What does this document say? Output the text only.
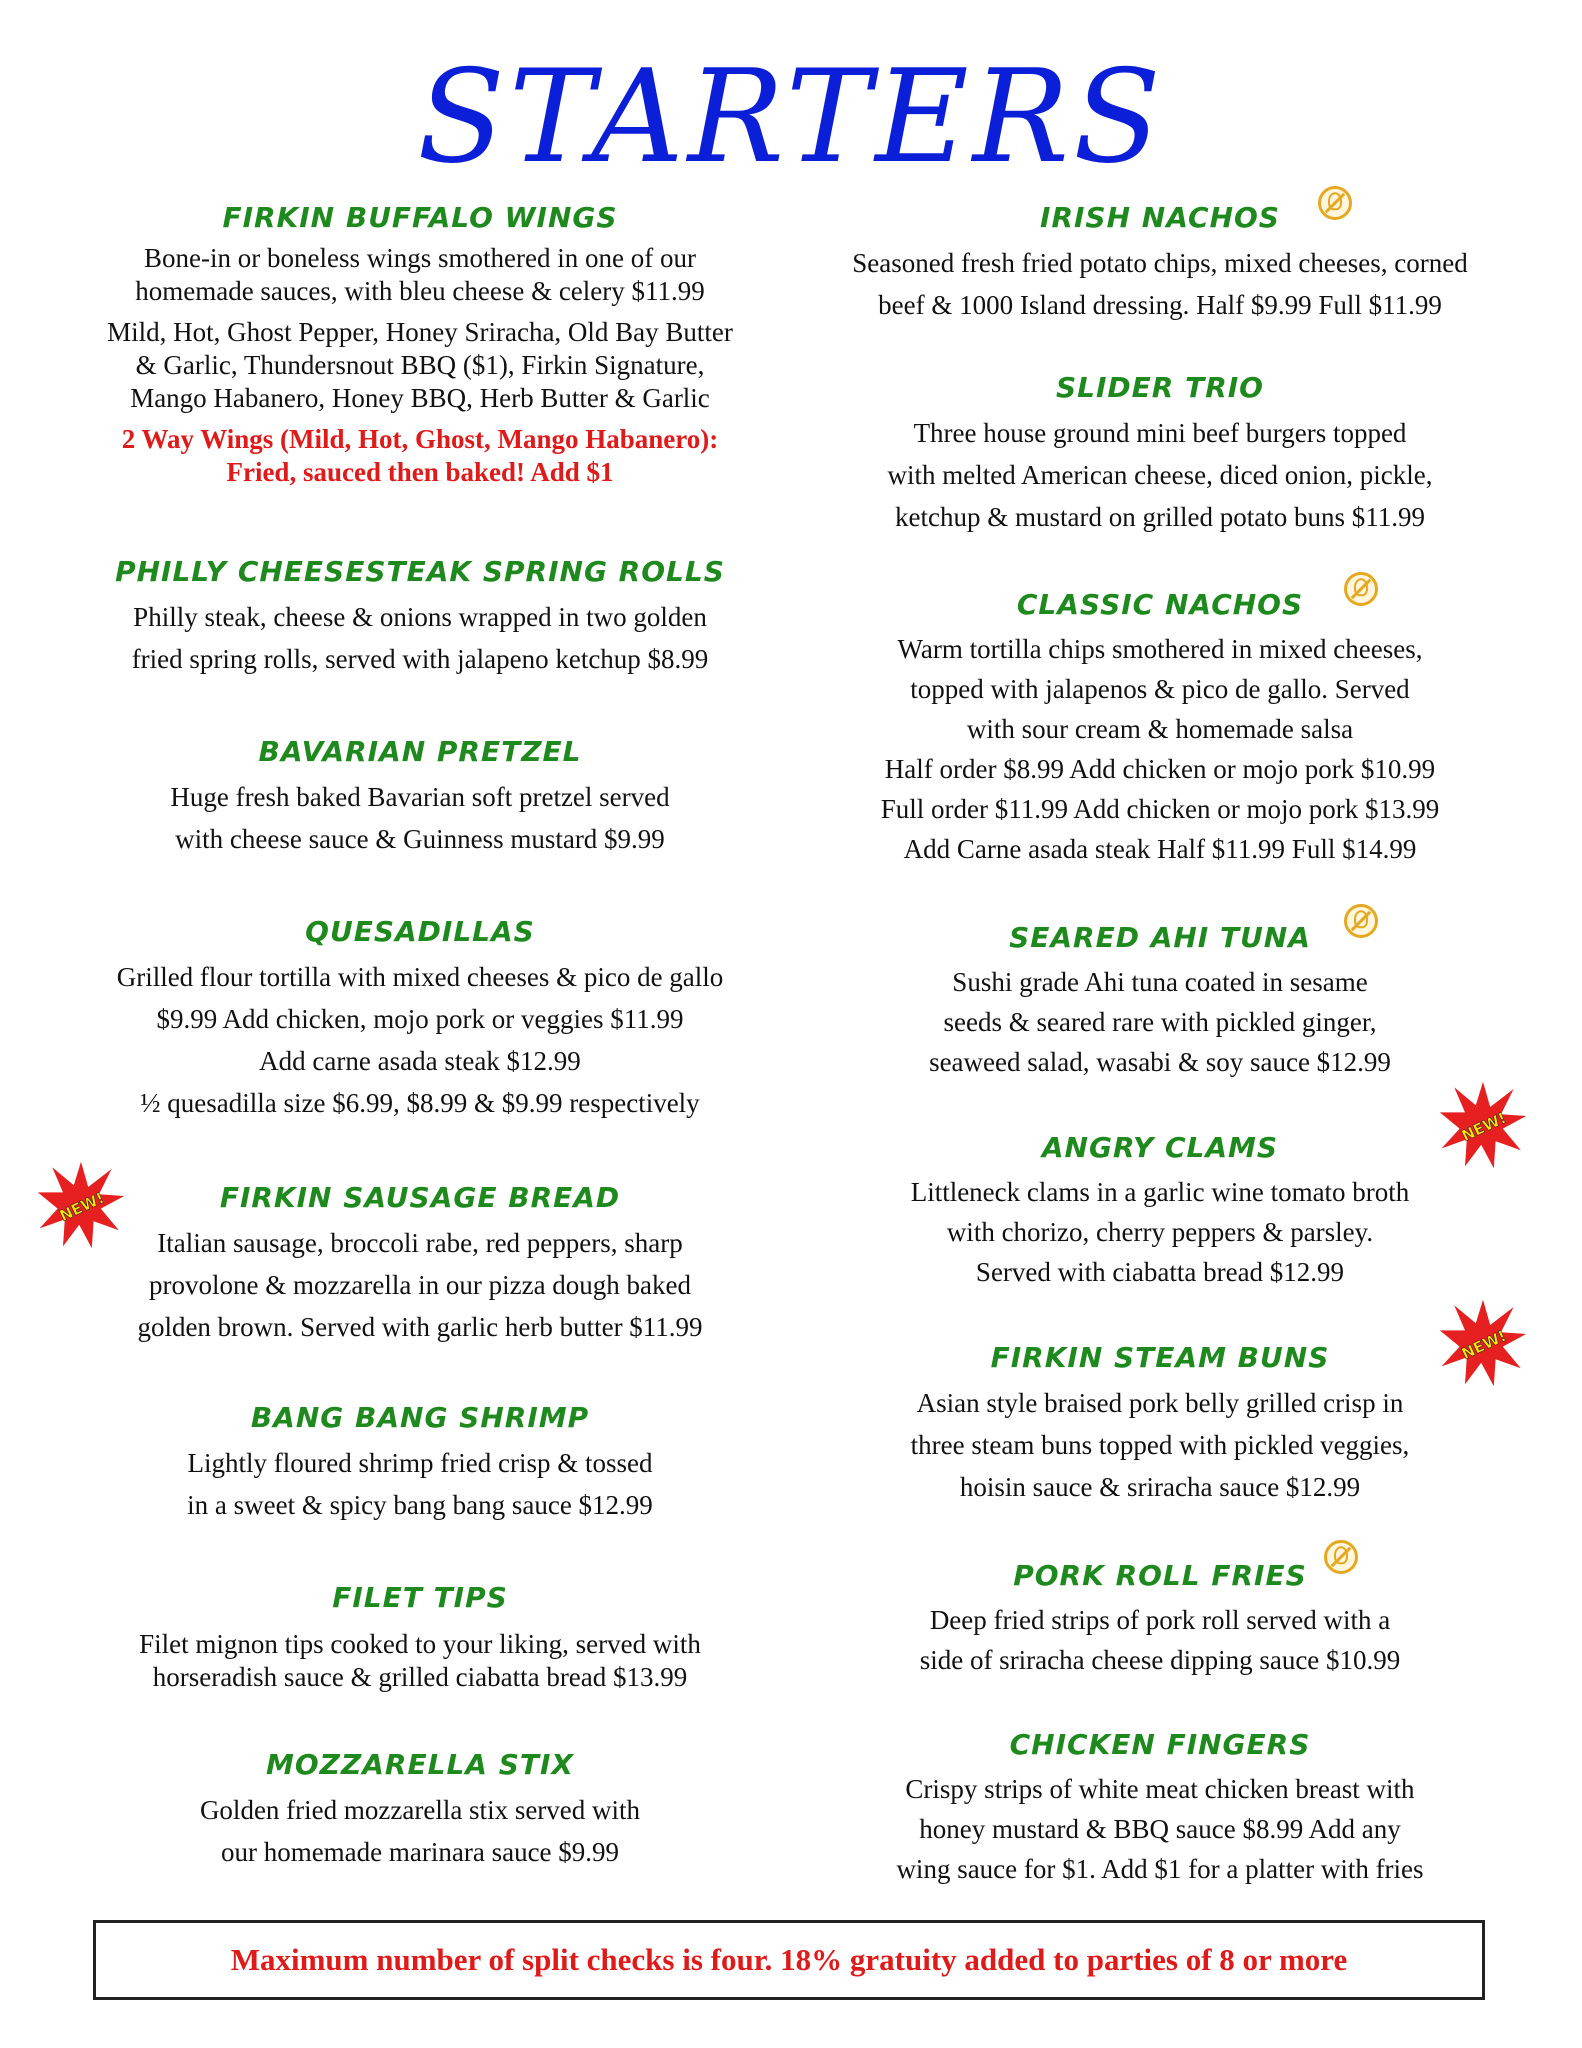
STARTERS
FIRKIN BUFFALO WINGS

Bone-in or boneless wings smothered in one of our

homemade sauces, with bleu cheese & celery $11.99

Mild, Hot, Ghost Pepper, Honey Sriracha, Old Bay Butter

& Garlic, Thundersnout BBQ ($1), Firkin Signature,

Mango Habanero, Honey BBQ, Herb Butter & Garlic

2 Way Wings (Mild, Hot, Ghost, Mango Habanero):

Fried, sauced then baked! Add $1

PHILLY CHEESESTEAK SPRING ROLLS

Philly steak, cheese & onions wrapped in two golden

fried spring rolls, served with jalapeno ketchup $8.99

BAVARIAN PRETZEL

Huge fresh baked Bavarian soft pretzel served

with cheese sauce & Guinness mustard $9.99

QUESADILLAS

Grilled flour tortilla with mixed cheeses & pico de gallo

$9.99 Add chicken, mojo pork or veggies $11.99

Add carne asada steak $12.99

½ quesadilla size $6.99, $8.99 & $9.99 respectively

FIRKIN SAUSAGE BREAD

Italian sausage, broccoli rabe, red peppers, sharp

provolone & mozzarella in our pizza dough baked

golden brown. Served with garlic herb butter $11.99

BANG BANG SHRIMP

Lightly floured shrimp fried crisp & tossed

in a sweet & spicy bang bang sauce $12.99

FILET TIPS

Filet mignon tips cooked to your liking, served with

horseradish sauce & grilled ciabatta bread $13.99

MOZZARELLA STIX

Golden fried mozzarella stix served with

our homemade marinara sauce $9.99

IRISH NACHOS

Seasoned fresh fried potato chips, mixed cheeses, corned

beef & 1000 Island dressing. Half $9.99 Full $11.99

SLIDER TRIO

Three house ground mini beef burgers topped

with melted American cheese, diced onion, pickle,

ketchup & mustard on grilled potato buns $11.99

CLASSIC NACHOS

Warm tortilla chips smothered in mixed cheeses,

topped with jalapenos & pico de gallo. Served

with sour cream & homemade salsa

Half order $8.99 Add chicken or mojo pork $10.99

Full order $11.99 Add chicken or mojo pork $13.99

Add Carne asada steak Half $11.99 Full $14.99

SEARED AHI TUNA

Sushi grade Ahi tuna coated in sesame

seeds & seared rare with pickled ginger,

seaweed salad, wasabi & soy sauce $12.99

ANGRY CLAMS

Littleneck clams in a garlic wine tomato broth

with chorizo, cherry peppers & parsley.

Served with ciabatta bread $12.99

FIRKIN STEAM BUNS

Asian style braised pork belly grilled crisp in

three steam buns topped with pickled veggies,

hoisin sauce & sriracha sauce $12.99

PORK ROLL FRIES

Deep fried strips of pork roll served with a

side of sriracha cheese dipping sauce $10.99

CHICKEN FINGERS

Crispy strips of white meat chicken breast with

honey mustard & BBQ sauce $8.99 Add any

wing sauce for $1. Add $1 for a platter with fries

NEW!
NEW!
NEW!
Maximum number of split checks is four. 18% gratuity added to parties of 8 or more
